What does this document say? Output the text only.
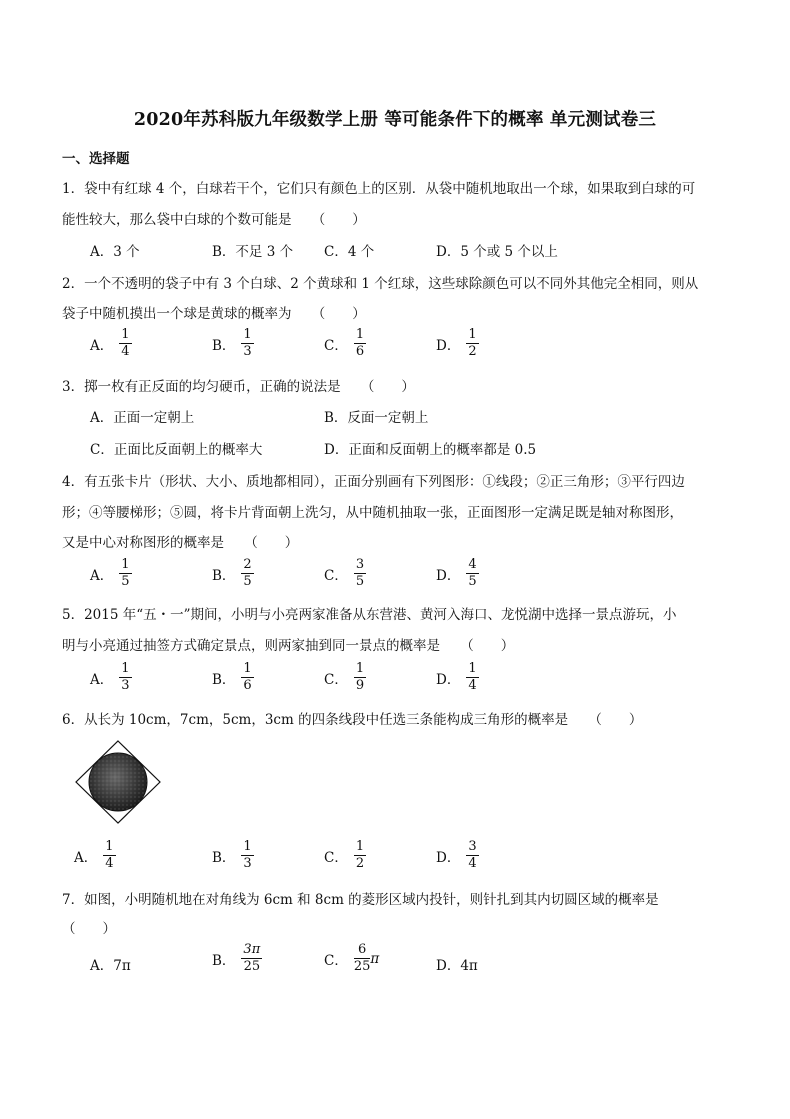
2020年苏科版九年级数学上册 等可能条件下的概率 单元测试卷三
一、选择题
1．袋中有红球 4 个，白球若干个，它们只有颜色上的区别．从袋中随机地取出一个球，如果取到白球的可
能性较大，那么袋中白球的个数可能是　　（　　）
A．3 个	B．不足 3 个 C．4 个	D．5 个或 5 个以上
2．一个不透明的袋子中有 3 个白球、2 个黄球和 1 个红球，这些球除颜色可以不同外其他完全相同，则从
袋子中随机摸出一个球是黄球的概率为　　（　　）
A． $\frac{1}{4}$	B． $\frac{1}{3}$	C． $\frac{1}{6}$	D． $\frac{1}{2}$
3．掷一枚有正反面的均匀硬币，正确的说法是　　（　　）
A．正面一定朝上	B．反面一定朝上
C．正面比反面朝上的概率大	D．正面和反面朝上的概率都是 0.5
4．有五张卡片（形状、大小、质地都相同），正面分别画有下列图形：①线段；②正三角形；③平行四边
形；④等腰梯形；⑤圆，将卡片背面朝上洗匀，从中随机抽取一张，正面图形一定满足既是轴对称图形，
又是中心对称图形的概率是　　（　　）
A． $\frac{1}{5}$	B． $\frac{2}{5}$	C． $\frac{3}{5}$	D． $\frac{4}{5}$
5．2015 年“五・一”期间，小明与小亮两家准备从东营港、黄河入海口、龙悦湖中选择一景点游玩，小
明与小亮通过抽签方式确定景点，则两家抽到同一景点的概率是　　（　　）
A． $\frac{1}{3}$	B． $\frac{1}{6}$	C． $\frac{1}{9}$	D． $\frac{1}{4}$
6．从长为 10cm，7cm，5cm，3cm 的四条线段中任选三条能构成三角形的概率是　　（　　）
A． $\frac{1}{4}$	B． $\frac{1}{3}$	C． $\frac{1}{2}$	D． $\frac{3}{4}$
7．如图，小明随机地在对角线为 6cm 和 8cm 的菱形区域内投针，则针扎到其内切圆区域的概率是
（　　）
A．7π	B． $\frac{3\pi}{25}$	C． $\frac{6}{25}$ π	D．4π
